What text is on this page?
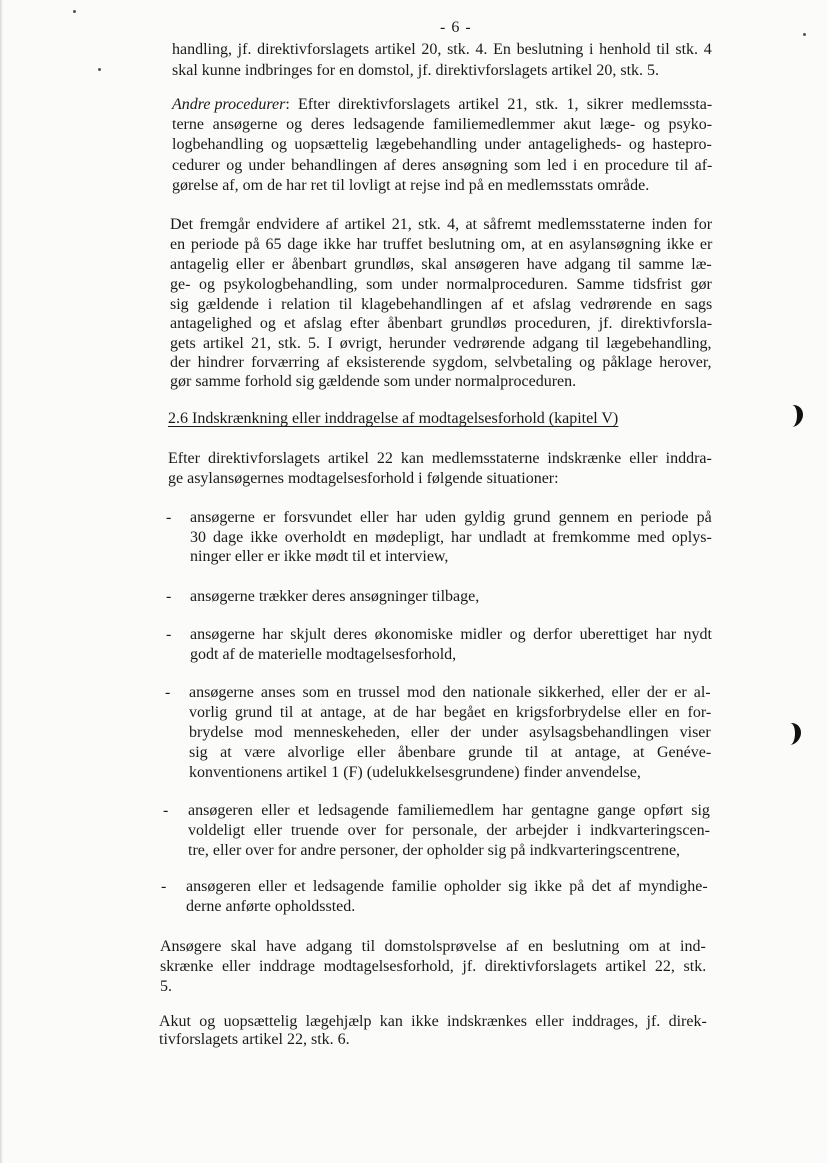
- 6 -
handling, jf. direktivforslagets artikel 20, stk. 4. En beslutning i henhold til stk. 4
skal kunne indbringes for en domstol, jf. direktivforslagets artikel 20, stk. 5.
Andre procedurer : Efter direktivforslagets artikel 21, stk. 1, sikrer medlemssta-
terne ansøgerne og deres ledsagende familiemedlemmer akut læge- og psyko-
logbehandling og uopsættelig lægebehandling under antageligheds- og hastepro-
cedurer og under behandlingen af deres ansøgning som led i en procedure til af-
gørelse af, om de har ret til lovligt at rejse ind på en medlemsstats område.
Det fremgår endvidere af artikel 21, stk. 4, at såfremt medlemsstaterne inden for
en periode på 65 dage ikke har truffet beslutning om, at en asylansøgning ikke er
antagelig eller er åbenbart grundløs, skal ansøgeren have adgang til samme læ-
ge- og psykologbehandling, som under normalproceduren. Samme tidsfrist gør
sig gældende i relation til klagebehandlingen af et afslag vedrørende en sags
antagelighed og et afslag efter åbenbart grundløs proceduren, jf. direktivforsla-
gets artikel 21, stk. 5. I øvrigt, herunder vedrørende adgang til lægebehandling,
der hindrer forværring af eksisterende sygdom, selvbetaling og påklage herover,
gør samme forhold sig gældende som under normalproceduren.
2.6 Indskrænkning eller inddragelse af modtagelsesforhold (kapitel V)
Efter direktivforslagets artikel 22 kan medlemsstaterne indskrænke eller inddra-
ge asylansøgernes modtagelsesforhold i følgende situationer:
- ansøgerne er forsvundet eller har uden gyldig grund gennem en periode på
30 dage ikke overholdt en mødepligt, har undladt at fremkomme med oplys-
ninger eller er ikke mødt til et interview,
- ansøgerne trækker deres ansøgninger tilbage,
- ansøgerne har skjult deres økonomiske midler og derfor uberettiget har nydt
godt af de materielle modtagelsesforhold,
- ansøgerne anses som en trussel mod den nationale sikkerhed, eller der er al-
vorlig grund til at antage, at de har begået en krigsforbrydelse eller en for-
brydelse mod menneskeheden, eller der under asylsagsbehandlingen viser
sig at være alvorlige eller åbenbare grunde til at antage, at Genéve-
konventionens artikel 1 (F) (udelukkelsesgrundene) finder anvendelse,
- ansøgeren eller et ledsagende familiemedlem har gentagne gange opført sig
voldeligt eller truende over for personale, der arbejder i indkvarteringscen-
tre, eller over for andre personer, der opholder sig på indkvarteringscentrene,
- ansøgeren eller et ledsagende familie opholder sig ikke på det af myndighe-
derne anførte opholdssted.
Ansøgere skal have adgang til domstolsprøvelse af en beslutning om at ind-
skrænke eller inddrage modtagelsesforhold, jf. direktivforslagets artikel 22, stk.
5.
Akut og uopsættelig lægehjælp kan ikke indskrænkes eller inddrages, jf. direk-
tivforslagets artikel 22, stk. 6.
